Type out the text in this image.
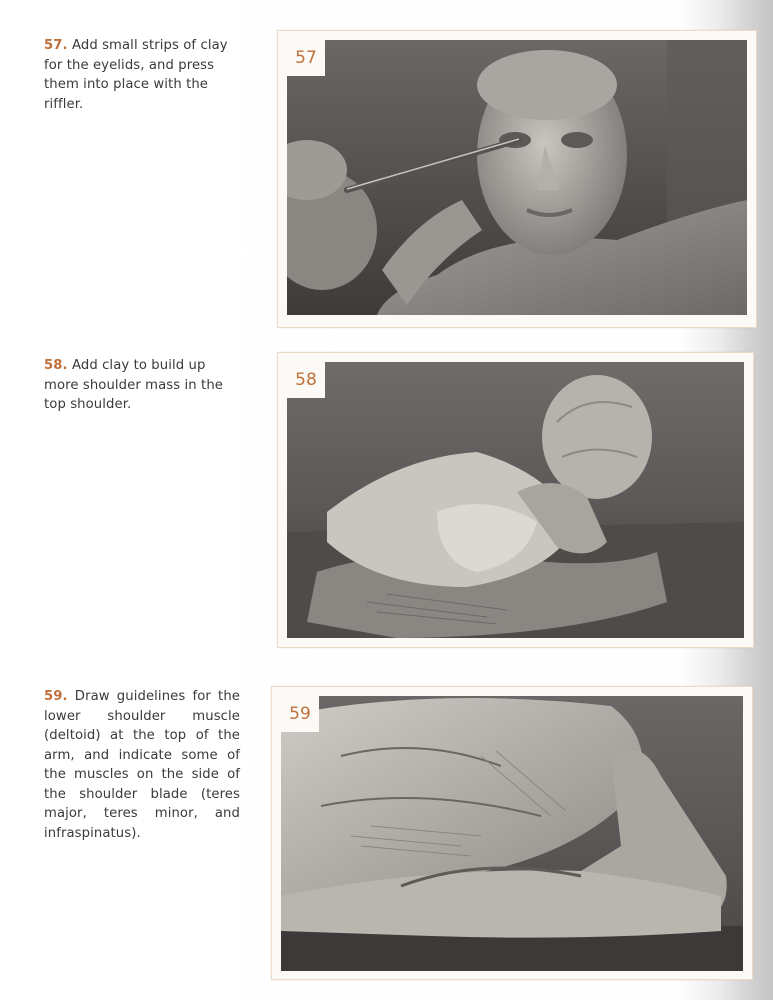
57. Add small strips of clay for the eyelids, and press them into place with the riffler.
58. Add clay to build up more shoulder mass in the top shoulder.
59. Draw guidelines for the lower shoulder muscle (deltoid) at the top of the arm, and indicate some of the muscles on the side of the shoulder blade (teres major, teres minor, and infraspinatus).
57
58
59
